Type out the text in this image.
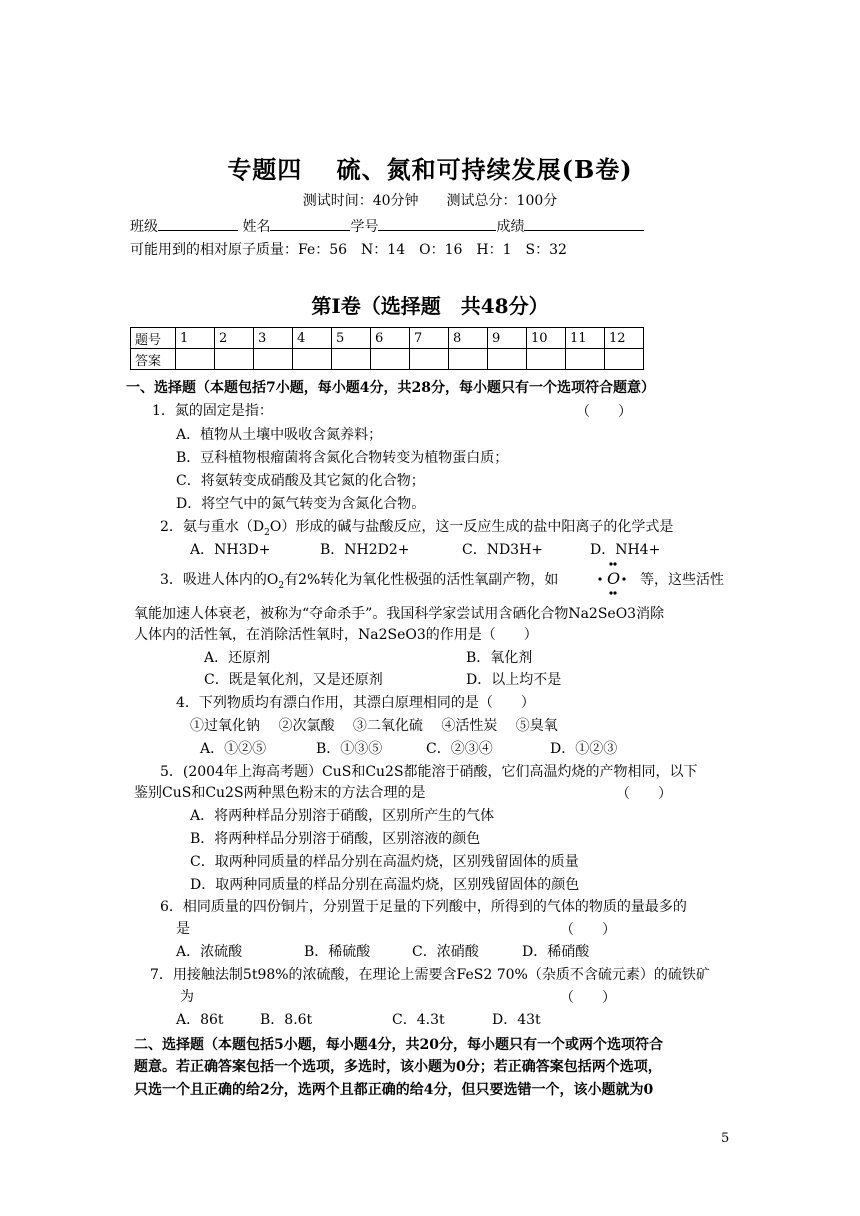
专题四　 硫、氮和可持续发展(B卷)
测试时间：40分钟　　测试总分：100分
班级	姓名	学号	成绩
可能用到的相对原子质量：Fe：56　N：14　O：16　H：1　S：32
第Ⅰ卷（选择题　共48分）
题号	1	2	3	4	5	6	7	8	9	10	11	12
答案												
一、选择题（本题包括7小题，每小题4分，共28分，每小题只有一个选项符合题意）
1．氮的固定是指：	（　　）
A．植物从土壤中吸收含氮养料；
B．豆科植物根瘤菌将含氮化合物转变为植物蛋白质；
C．将氨转变成硝酸及其它氮的化合物；
D．将空气中的氮气转变为含氮化合物。
2．氨与重水$(D_2O)$形成的碱与盐酸反应，这一反应生成的盐中阳离子的化学式是
A．NH3D+	B．NH2D2+	C．ND3H+	D．NH4+
3．吸进人体内的$O_2$有2%转化为氧化性极强的活性氧副产物，如	O 等，这些活性
氧能加速人体衰老，被称为“夺命杀手”。我国科学家尝试用含硒化合物Na2SeO3消除
人体内的活性氧，在消除活性氧时，Na2SeO3的作用是（　　）
A．还原剂	B．氧化剂
C．既是氧化剂，又是还原剂	D．以上均不是
4．下列物质均有漂白作用，其漂白原理相同的是（　　）
①过氧化钠　 ②次氯酸　 ③二氧化硫　 ④活性炭　 ⑤臭氧
A．①②⑤	B．①③⑤	C．②③④	D．①②③
5．(2004年上海高考题）CuS和Cu2S都能溶于硝酸，它们高温灼烧的产物相同，以下
鉴别CuS和Cu2S两种黑色粉末的方法合理的是	（　　）
A．将两种样品分别溶于硝酸，区别所产生的气体
B．将两种样品分别溶于硝酸，区别溶液的颜色
C．取两种同质量的样品分别在高温灼烧，区别残留固体的质量
D．取两种同质量的样品分别在高温灼烧，区别残留固体的颜色
6．相同质量的四份铜片，分别置于足量的下列酸中，所得到的气体的物质的量最多的
是	（　　）
A．浓硫酸	B．稀硫酸	C．浓硝酸	D．稀硝酸
7．用接触法制5t98%的浓硫酸，在理论上需要含FeS2 70%（杂质不含硫元素）的硫铁矿
为	（　　）
A．86t	B．8.6t	C．4.3t	D．43t
二、选择题（本题包括5小题，每小题4分，共20分，每小题只有一个或两个选项符合
题意。若正确答案包括一个选项，多选时，该小题为0分；若正确答案包括两个选项，
只选一个且正确的给2分，选两个且都正确的给4分，但只要选错一个，该小题就为0
5
